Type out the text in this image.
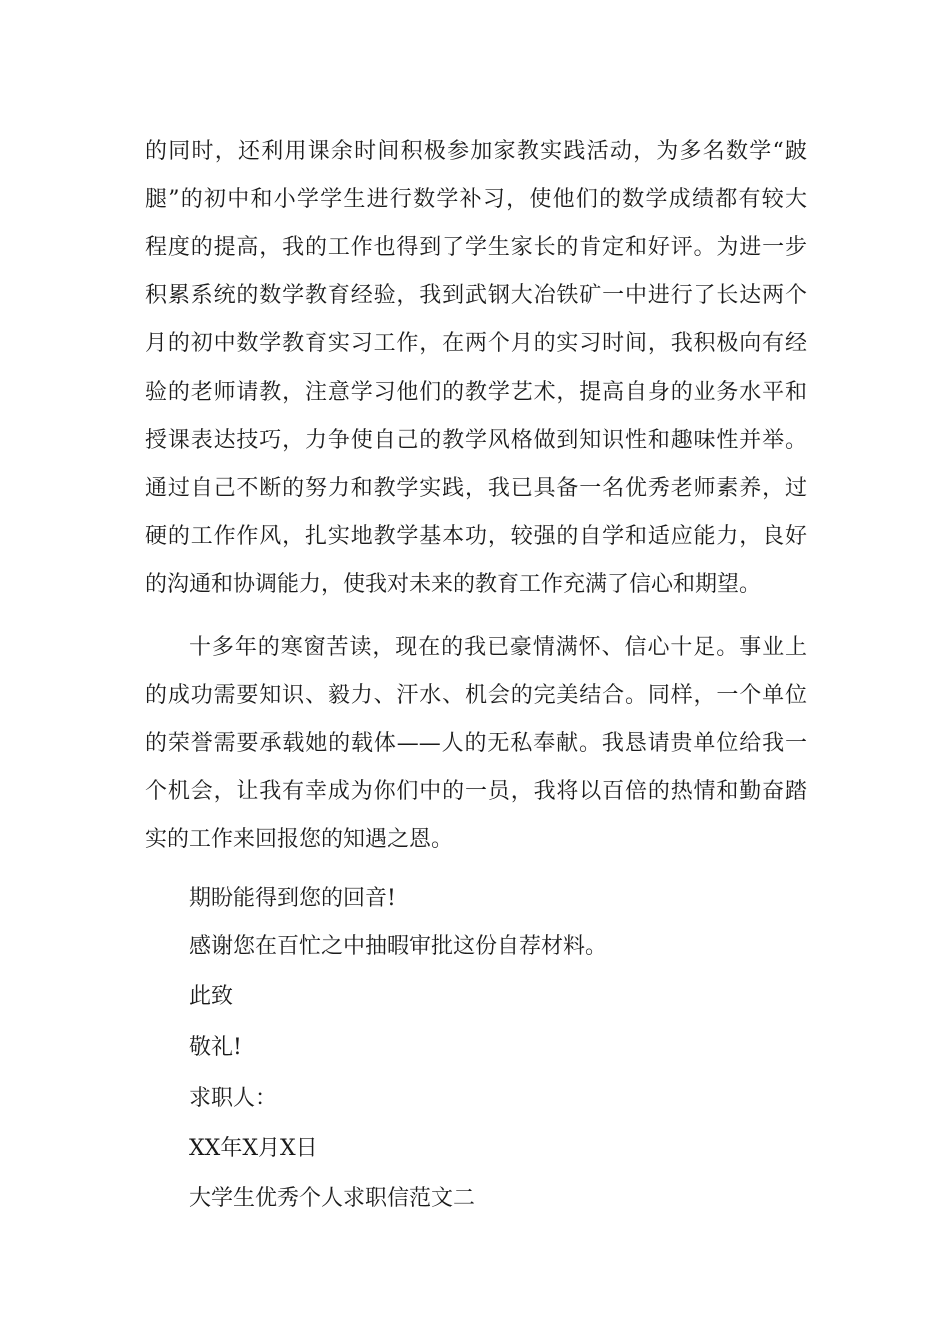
的同时，还利用课余时间积极参加家教实践活动，为多名数学“跛
腿”的初中和小学学生进行数学补习，使他们的数学成绩都有较大
程度的提高，我的工作也得到了学生家长的肯定和好评。为进一步
积累系统的数学教育经验，我到武钢大冶铁矿一中进行了长达两个
月的初中数学教育实习工作，在两个月的实习时间，我积极向有经
验的老师请教，注意学习他们的教学艺术，提高自身的业务水平和
授课表达技巧，力争使自己的教学风格做到知识性和趣味性并举。
通过自己不断的努力和教学实践，我已具备一名优秀老师素养，过
硬的工作作风，扎实地教学基本功，较强的自学和适应能力，良好
的沟通和协调能力，使我对未来的教育工作充满了信心和期望。
十多年的寒窗苦读，现在的我已豪情满怀、信心十足。事业上
的成功需要知识、毅力、汗水、机会的完美结合。同样，一个单位
的荣誉需要承载她的载体——人的无私奉献。我恳请贵单位给我一
个机会，让我有幸成为你们中的一员，我将以百倍的热情和勤奋踏
实的工作来回报您的知遇之恩。
期盼能得到您的回音!
感谢您在百忙之中抽暇审批这份自荐材料。
此致
敬礼!
求职人：
XX年X月X日
大学生优秀个人求职信范文二
